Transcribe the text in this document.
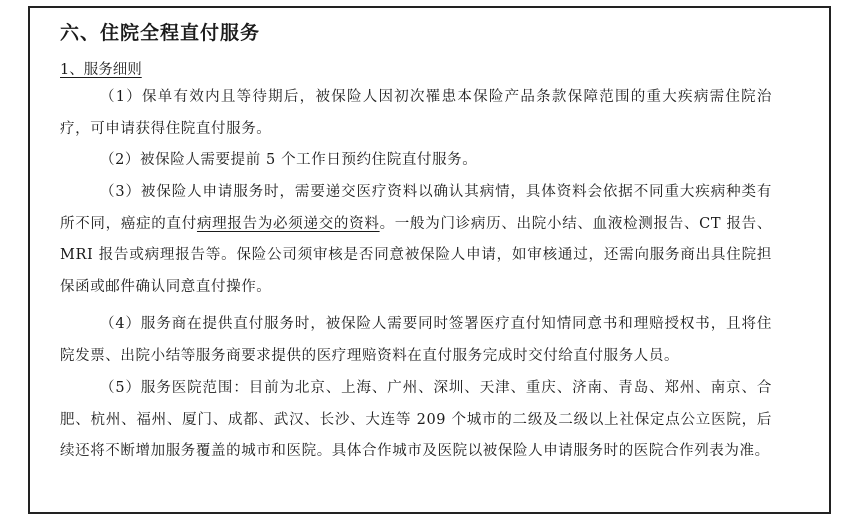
六、住院全程直付服务
1、服务细则

（1）保单有效内且等待期后，被保险人因初次罹患本保险产品条款保障范围的重大疾病需住院治疗，可申请获得住院直付服务。

（2）被保险人需要提前 5 个工作日预约住院直付服务。

（3）被保险人申请服务时，需要递交医疗资料以确认其病情，具体资料会依据不同重大疾病种类有所不同，癌症的直付病理报告为必须递交的资料。一般为门诊病历、出院小结、血液检测报告、CT 报告、MRI 报告或病理报告等。保险公司须审核是否同意被保险人申请，如审核通过，还需向服务商出具住院担保函或邮件确认同意直付操作。

（4）服务商在提供直付服务时，被保险人需要同时签署医疗直付知情同意书和理赔授权书，且将住院发票、出院小结等服务商要求提供的医疗理赔资料在直付服务完成时交付给直付服务人员。

（5）服务医院范围：目前为北京、上海、广州、深圳、天津、重庆、济南、青岛、郑州、南京、合肥、杭州、福州、厦门、成都、武汉、长沙、大连等 209 个城市的二级及二级以上社保定点公立医院，后续还将不断增加服务覆盖的城市和医院。具体合作城市及医院以被保险人申请服务时的医院合作列表为准。
